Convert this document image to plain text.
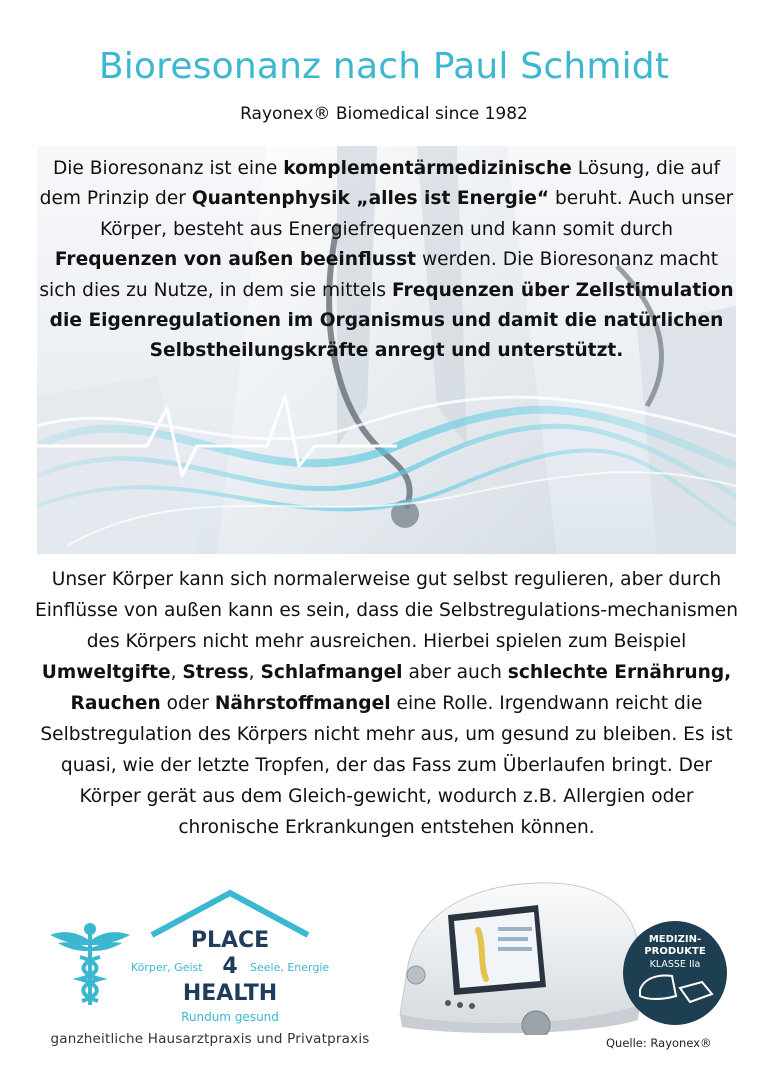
Bioresonanz nach Paul Schmidt
Rayonex® Biomedical since 1982
Die Bioresonanz ist eine komplementärmedizinische Lösung, die auf dem Prinzip der Quantenphysik „alles ist Energie“ beruht. Auch unser Körper, besteht aus Energiefrequenzen und kann somit durch Frequenzen von außen beeinflusst werden. Die Bioresonanz macht sich dies zu Nutze, in dem sie mittels Frequenzen über Zellstimulation die Eigenregulationen im Organismus und damit die natürlichen Selbstheilungskräfte anregt und unterstützt.
Unser Körper kann sich normalerweise gut selbst regulieren, aber durch Einflüsse von außen kann es sein, dass die Selbstregulations-mechanismen des Körpers nicht mehr ausreichen. Hierbei spielen zum Beispiel Umweltgifte, Stress, Schlafmangel aber auch schlechte Ernährung, Rauchen oder Nährstoffmangel eine Rolle. Irgendwann reicht die Selbstregulation des Körpers nicht mehr aus, um gesund zu bleiben. Es ist quasi, wie der letzte Tropfen, der das Fass zum Überlaufen bringt. Der Körper gerät aus dem Gleich-gewicht, wodurch z.B. Allergien oder chronische Erkrankungen entstehen können.
PLACE
Körper, Geist 4 Seele, Energie
HEALTH
Rundum gesund
ganzheitliche Hausarztpraxis und Privatpraxis
MEDIZIN-
PRODUKTE
KLASSE IIa
Quelle: Rayonex®
